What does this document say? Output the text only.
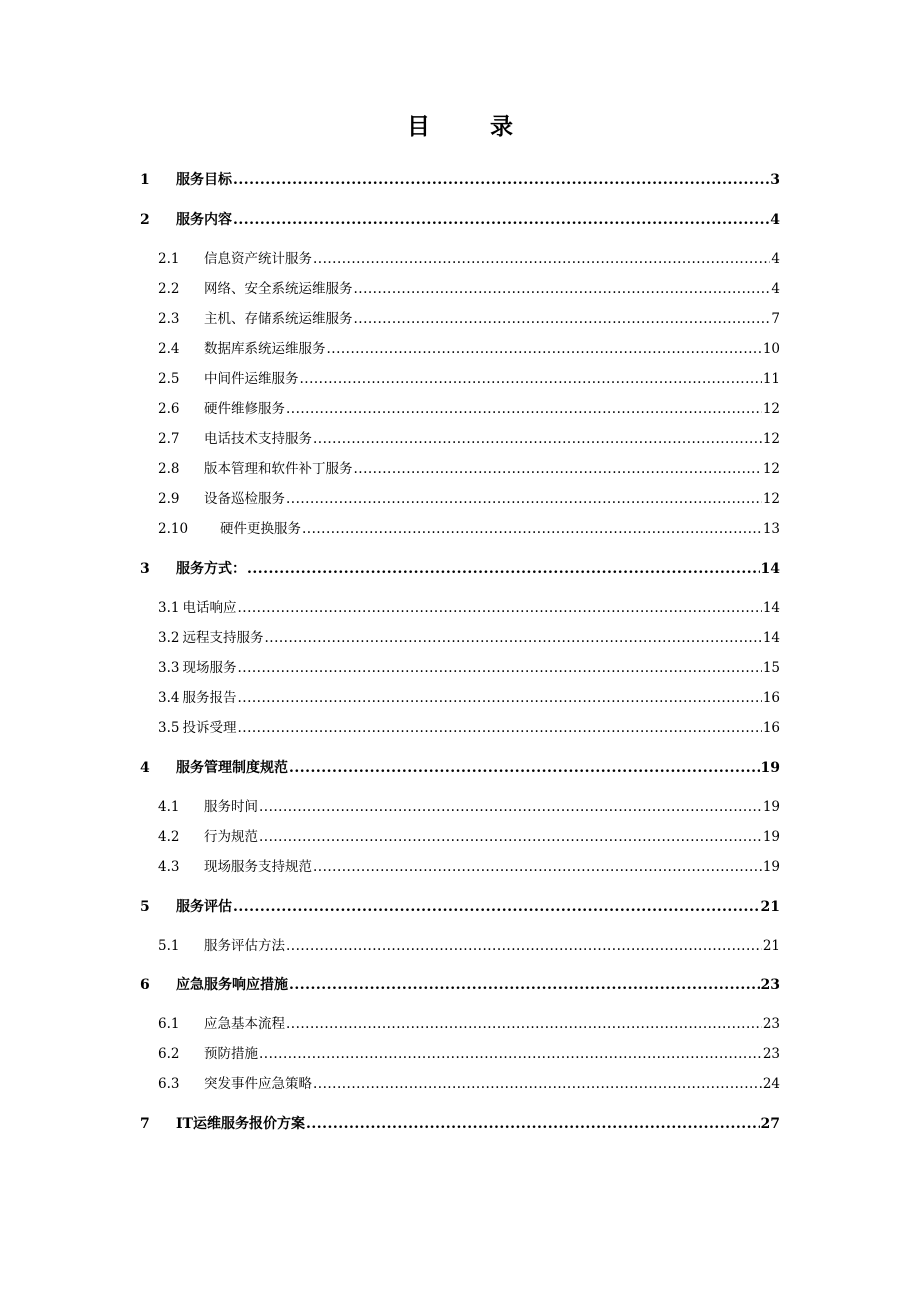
目 录
1	服务目标 .....	3
2	服务内容 .....	4
2.1	信息资产统计服务 .....	4
2.2	网络、安全系统运维服务 .....	4
2.3	主机、存储系统运维服务 .....	7
2.4	数据库系统运维服务 .....	10
2.5	中间件运维服务 .....	11
2.6	硬件维修服务 .....	12
2.7	电话技术支持服务 .....	12
2.8	版本管理和软件补丁服务 .....	12
2.9	设备巡检服务 .....	12
2.10	硬件更换服务 .....	13
3	服务方式： .....	14
3.1 电话响应 .....	14
3.2 远程支持服务 .....	14
3.3 现场服务 .....	15
3.4 服务报告 .....	16
3.5 投诉受理 .....	16
4	服务管理制度规范 .....	19
4.1	服务时间 .....	19
4.2	行为规范 .....	19
4.3	现场服务支持规范 .....	19
5	服务评估 .....	21
5.1	服务评估方法 .....	21
6	应急服务响应措施 .....	23
6.1	应急基本流程 .....	23
6.2	预防措施 .....	23
6.3	突发事件应急策略 .....	24
7	IT运维服务报价方案 .....	27
